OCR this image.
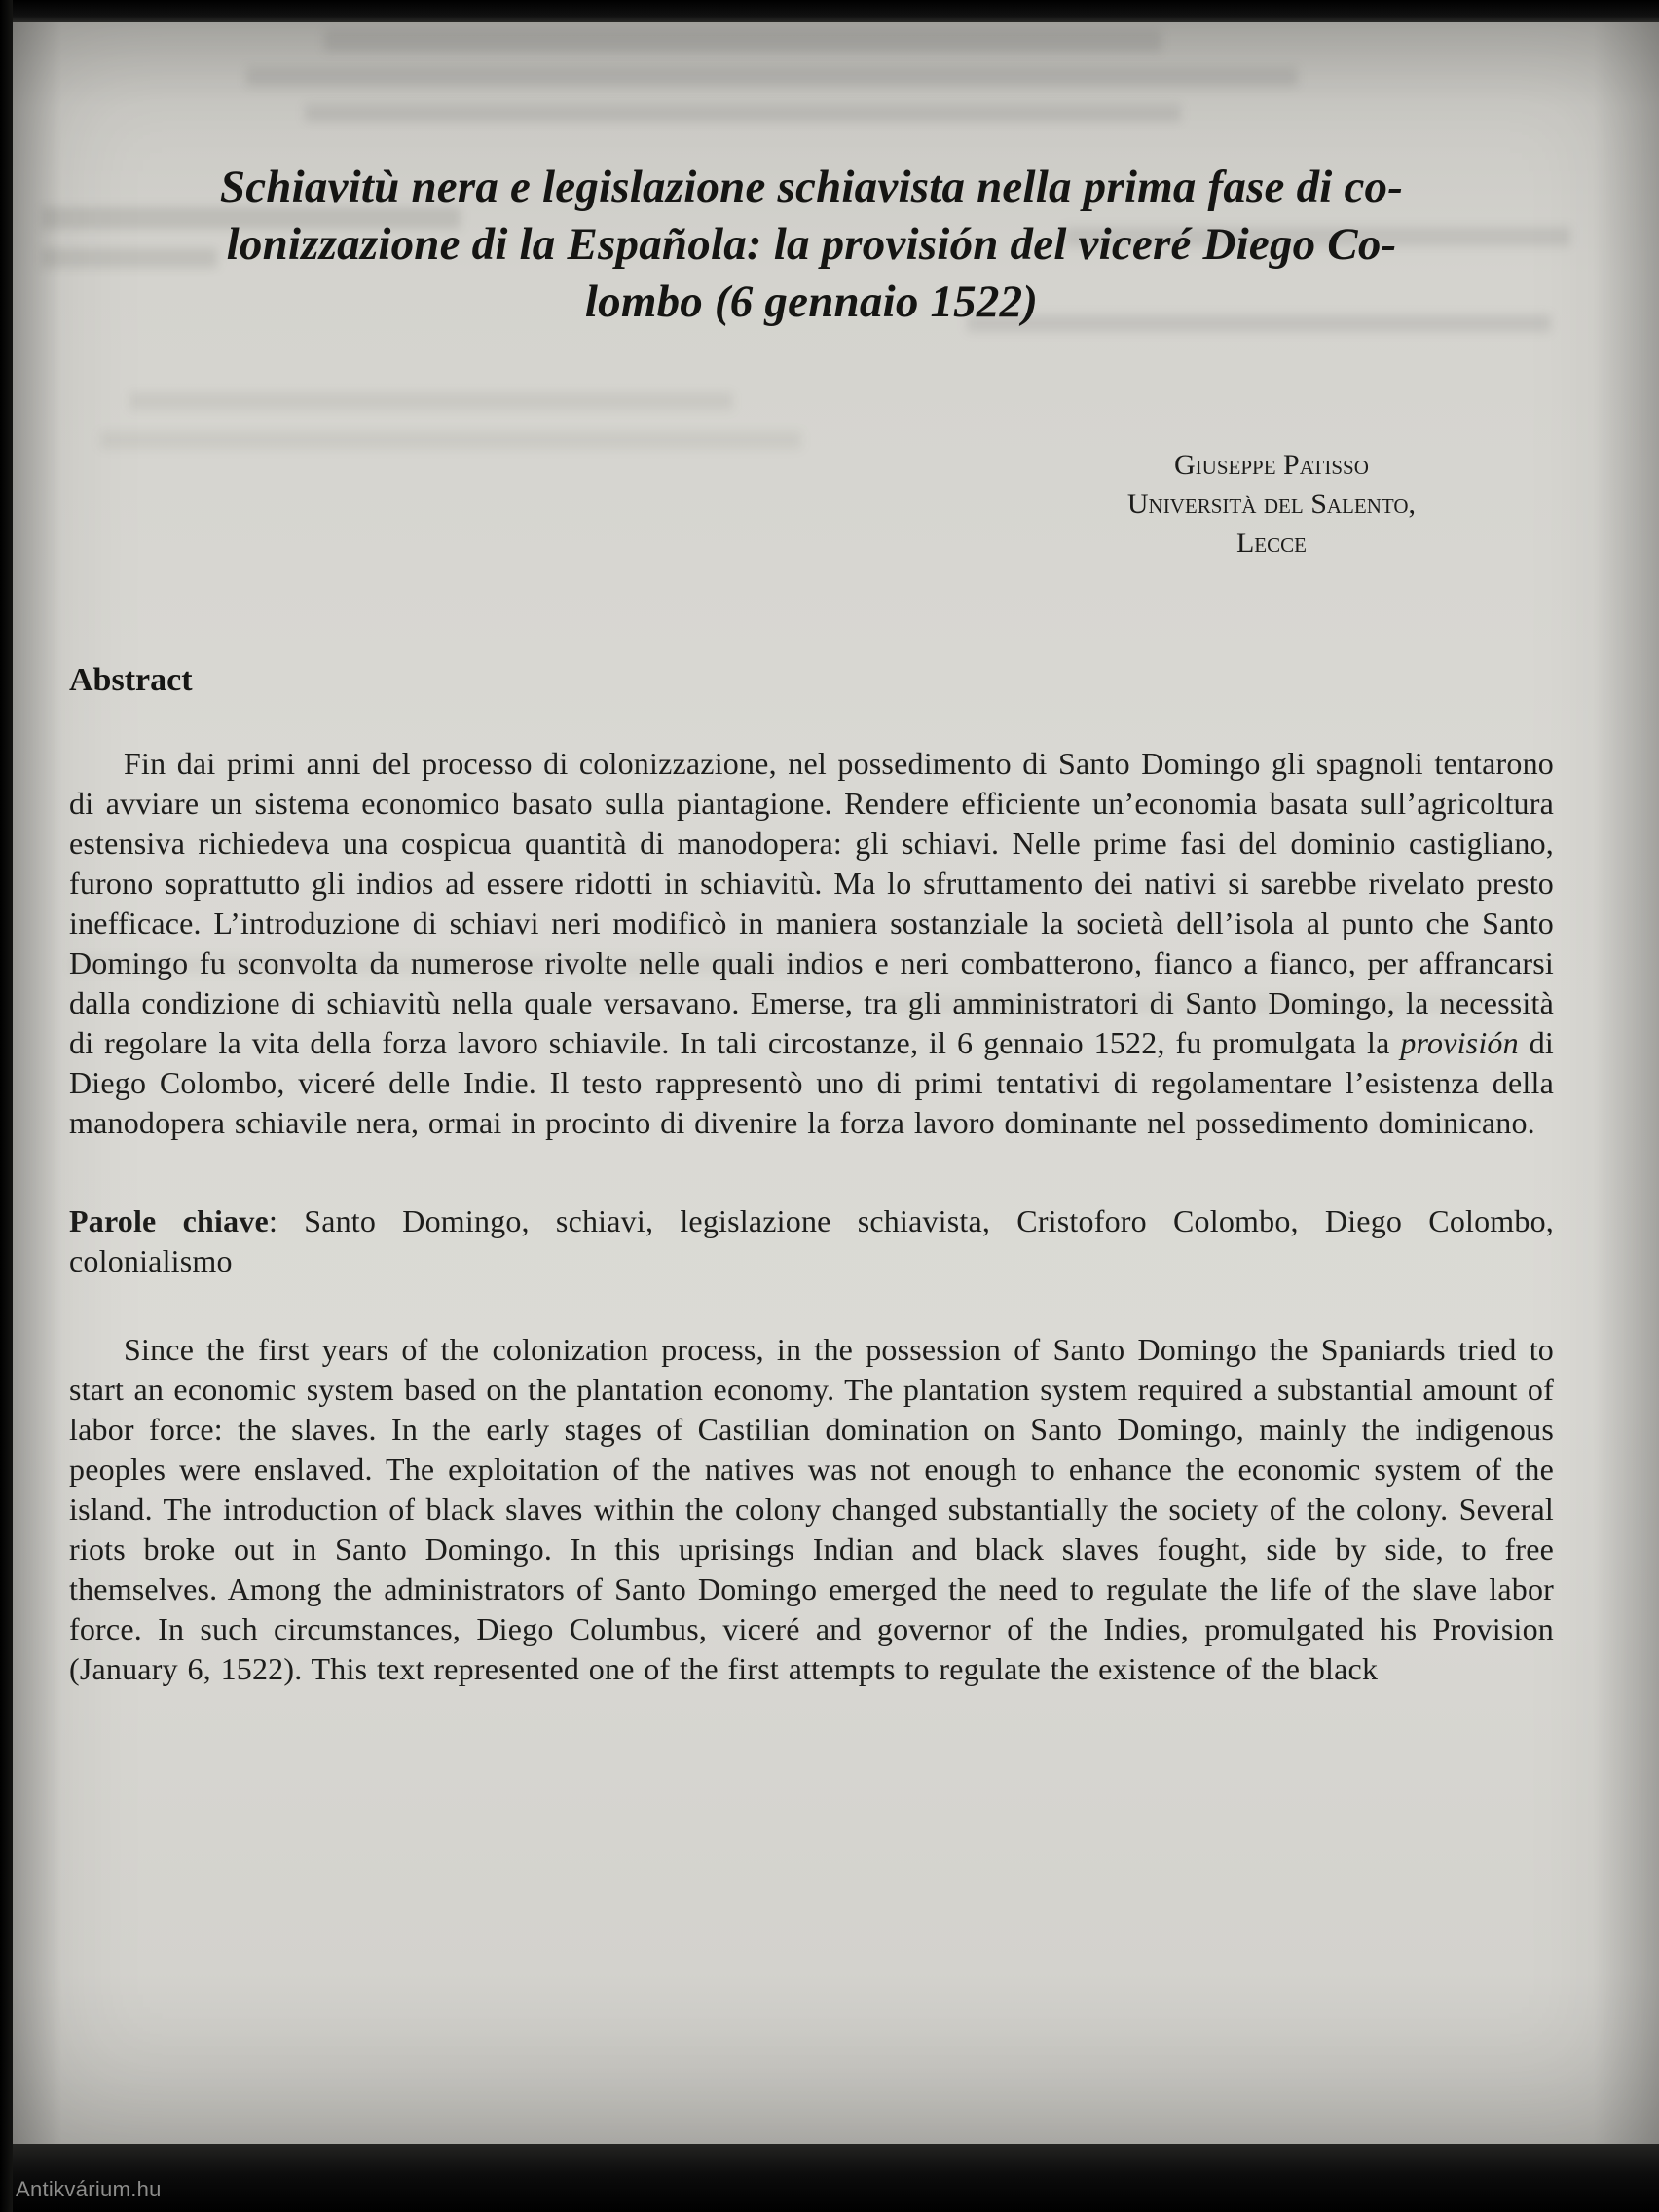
Schiavitù nera e legislazione schiavista nella prima fase di co-
lonizzazione di la Española: la provisión del viceré Diego Co-
lombo (6 gennaio 1522)
Giuseppe Patisso
Università del Salento,
Lecce
Abstract

Fin dai primi anni del processo di colonizzazione, nel possedimento di Santo Domingo gli spagnoli tentarono di avviare un sistema economico basato sulla piantagione. Rendere efficiente un’economia basata sull’agricoltura estensiva richiedeva una cospicua quantità di manodopera: gli schiavi. Nelle prime fasi del dominio castigliano, furono soprattutto gli indios ad essere ridotti in schiavitù. Ma lo sfruttamento dei nativi si sarebbe rivelato presto inefficace. L’introduzione di schiavi neri modificò in maniera sostanziale la società dell’isola al punto che Santo Domingo fu sconvolta da numerose rivolte nelle quali indios e neri combatterono, fianco a fianco, per affrancarsi dalla condizione di schiavitù nella quale versavano. Emerse, tra gli amministratori di Santo Domingo, la necessità di regolare la vita della forza lavoro schiavile. In tali circostanze, il 6 gennaio 1522, fu promulgata la provisión di Diego Colombo, viceré delle Indie. Il testo rappresentò uno di primi tentativi di regolamentare l’esistenza della manodopera schiavile nera, ormai in procinto di divenire la forza lavoro dominante nel possedimento dominicano.

Parole chiave: Santo Domingo, schiavi, legislazione schiavista, Cristoforo Colombo, Diego Colombo, colonialismo

Since the first years of the colonization process, in the possession of Santo Domingo the Spaniards tried to start an economic system based on the plantation economy. The plantation system required a substantial amount of labor force: the slaves. In the early stages of Castilian domination on Santo Domingo, mainly the indigenous peoples were enslaved. The exploitation of the natives was not enough to enhance the economic system of the island. The introduction of black slaves within the colony changed substantially the society of the colony. Several riots broke out in Santo Domingo. In this uprisings Indian and black slaves fought, side by side, to free themselves. Among the administrators of Santo Domingo emerged the need to regulate the life of the slave labor force. In such circumstances, Diego Columbus, viceré and governor of the Indies, promulgated his Provision (January 6, 1522). This text represented one of the first attempts to regulate the existence of the black

Antikvárium.hu
